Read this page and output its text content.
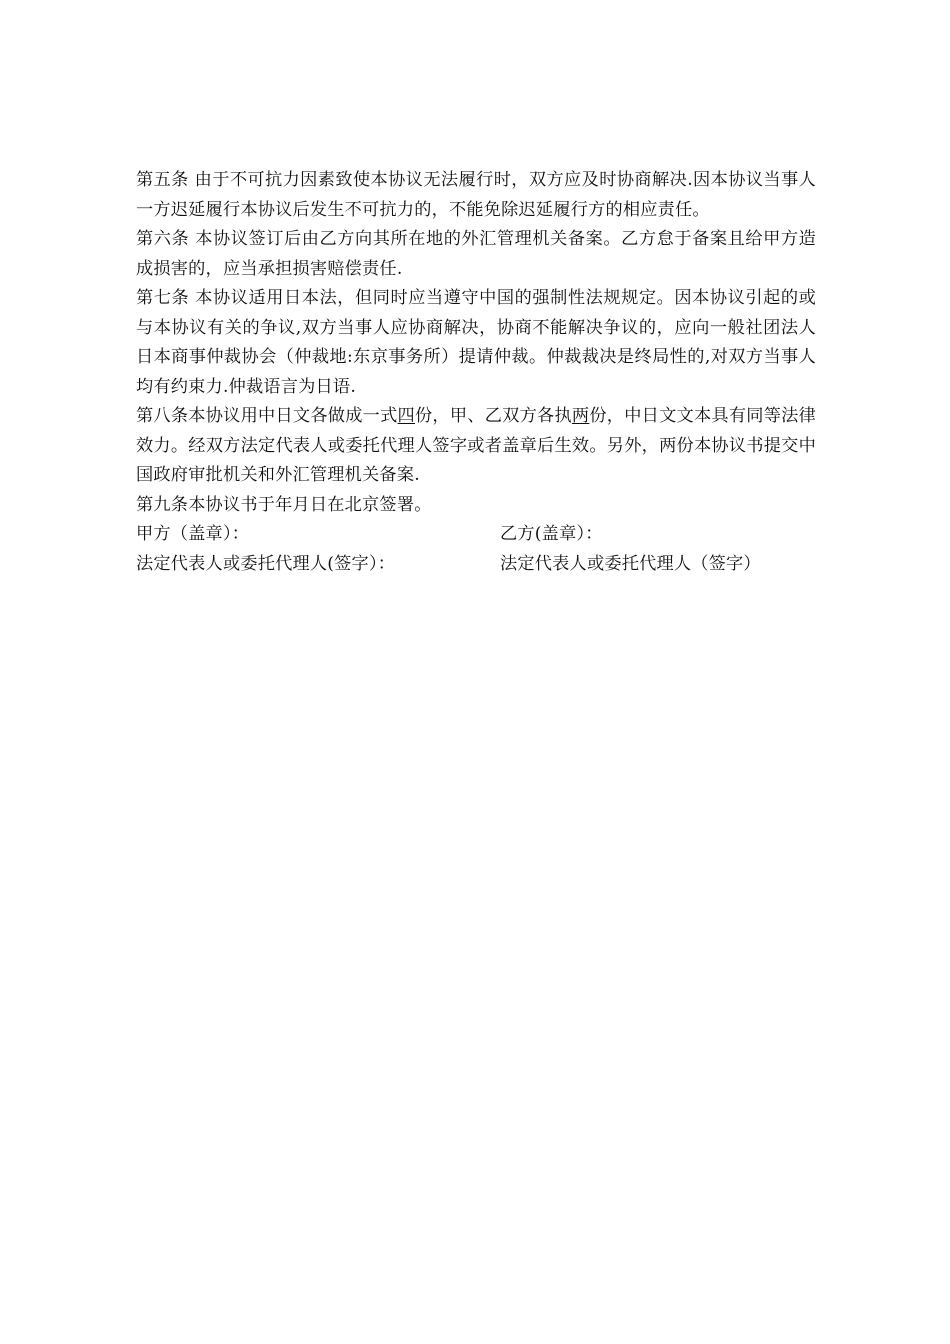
第五条 由于不可抗力因素致使本协议无法履行时，双方应及时协商解决.因本协议当事人一方迟延履行本协议后发生不可抗力的，不能免除迟延履行方的相应责任。

第六条 本协议签订后由乙方向其所在地的外汇管理机关备案。乙方怠于备案且给甲方造成损害的，应当承担损害赔偿责任.

第七条 本协议适用日本法，但同时应当遵守中国的强制性法规规定。因本协议引起的或与本协议有关的争议,双方当事人应协商解决，协商不能解决争议的，应向一般社团法人日本商事仲裁协会（仲裁地:东京事务所）提请仲裁。仲裁裁决是终局性的,对双方当事人均有约束力.仲裁语言为日语.

第八条本协议用中日文各做成一式四份，甲、乙双方各执两份，中日文文本具有同等法律效力。经双方法定代表人或委托代理人签字或者盖章后生效。另外，两份本协议书提交中国政府审批机关和外汇管理机关备案.

第九条本协议书于年月日在北京签署。

甲方（盖章）：	乙方(盖章）：
法定代表人或委托代理人(签字）：	法定代表人或委托代理人（签字）
